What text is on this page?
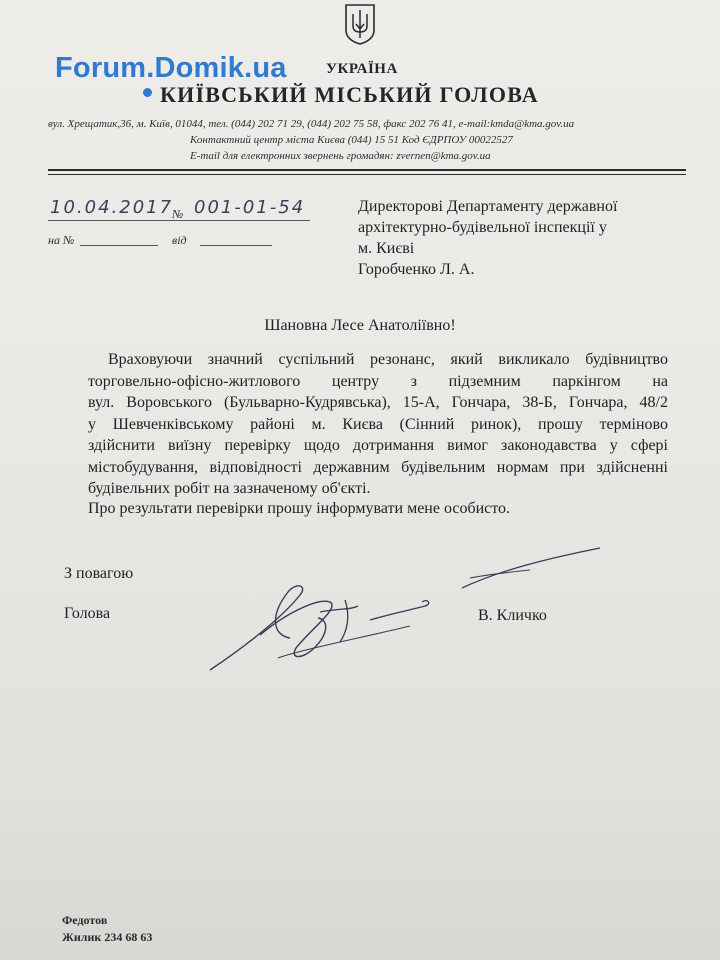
Forum.Domik.ua	УКРАЇНА
КИЇВСЬКИЙ МІСЬКИЙ ГОЛОВА
вул. Хрещатик,36, м. Київ, 01044, тел. (044) 202 71 29, (044) 202 75 58, факс 202 76 41, e-mail:kmda@kma.gov.ua
Контактний центр міста Києва (044) 15 51 Код ЄДРПОУ 00022527
E-mail для електронних звернень громадян: zvernen@kma.gov.ua
10.04.2017
№ 001-01-54
на №	від
Директорові Департаменту державної
архітектурно-будівельної інспекції у
м. Києві
Горобченко Л. А.
Шановна Лесе Анатоліївно!
Враховуючи значний суспільний резонанс, який викликало будівництво
торговельно-офісно-житлового центру з підземним паркінгом на
вул. Воровського (Бульварно-Кудрявська), 15-А, Гончара, 38-Б, Гончара, 48/2
у Шевченківському районі м. Києва (Сінний ринок), прошу терміново
здійснити виїзну перевірку щодо дотримання вимог законодавства у сфері
містобудування, відповідності державним будівельним нормам при здійсненні
будівельних робіт на зазначеному об'єкті.
Про результати перевірки прошу інформувати мене особисто.
З повагою
Голова	В. Кличко
Федотов
Жилик 234 68 63
